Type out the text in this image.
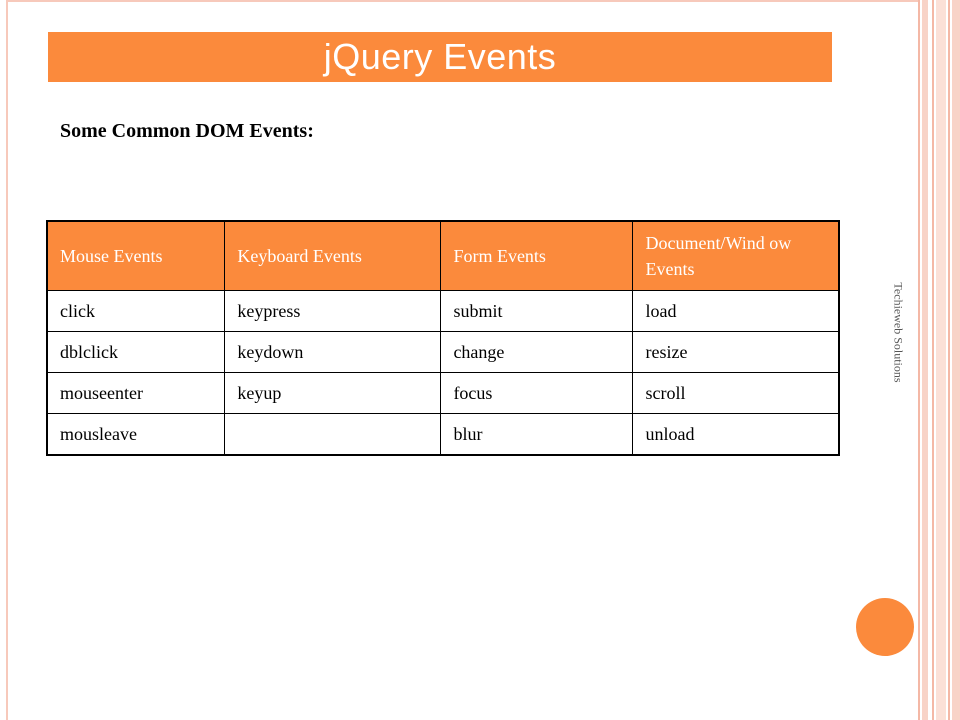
jQuery Events
Some Common DOM Events:
Mouse Events	Keyboard Events	Form Events	Document/Wind ow Events
click	keypress	submit	load
dblclick	keydown	change	resize
mouseenter	keyup	focus	scroll
mousleave		blur	unload
Techieweb Solutions
